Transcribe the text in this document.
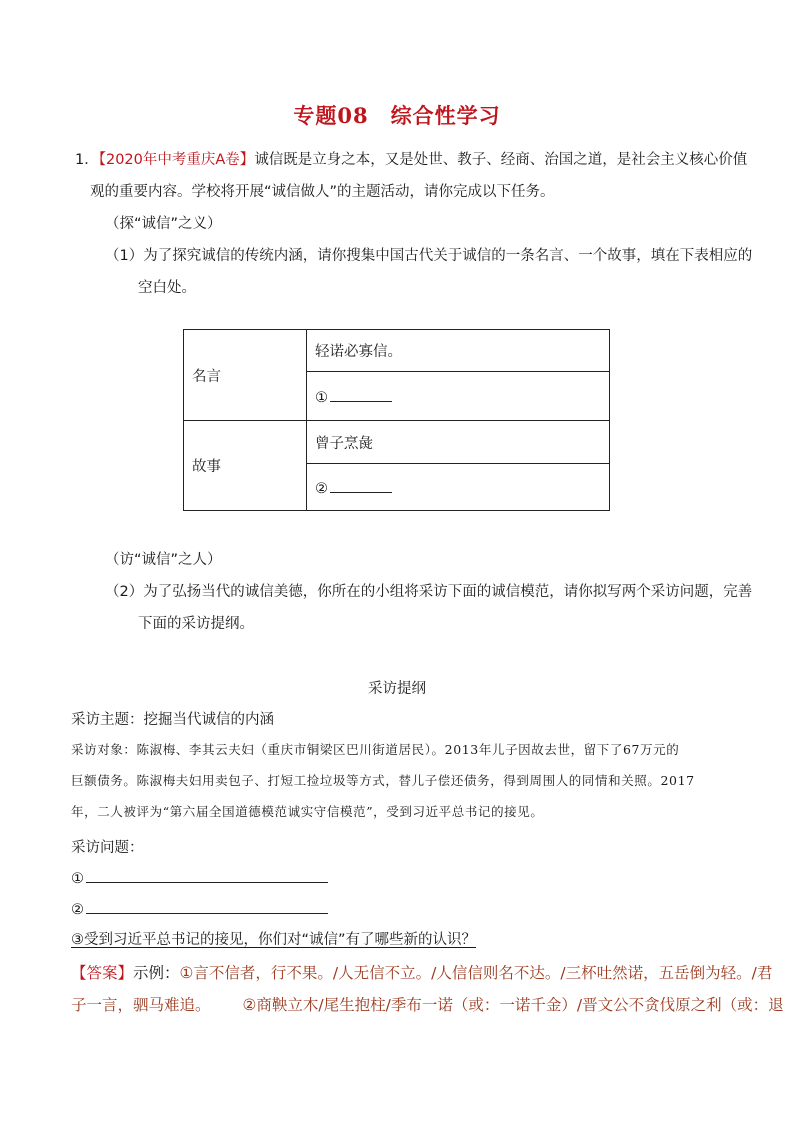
专题08 综合性学习
1．【2020年中考重庆A卷】诚信既是立身之本，又是处世、教子、经商、治国之道，是社会主义核心价值
观的重要内容。学校将开展“诚信做人”的主题活动，请你完成以下任务。
（探“诚信”之义）
（1）为了探究诚信的传统内涵，请你搜集中国古代关于诚信的一条名言、一个故事，填在下表相应的
空白处。
名言	轻诺必寡信。
	①
故事	曾子烹彘
	②
（访“诚信”之人）
（2）为了弘扬当代的诚信美德，你所在的小组将采访下面的诚信模范，请你拟写两个采访问题，完善
下面的采访提纲。
采访提纲
采访主题：挖掘当代诚信的内涵
采访对象：陈淑梅、李其云夫妇（重庆市铜梁区巴川街道居民）。2013年儿子因故去世，留下了67万元的
巨额债务。陈淑梅夫妇用卖包子、打短工捡垃圾等方式，替儿子偿还债务，得到周围人的同情和关照。2017
年，二人被评为“第六届全国道德模范诚实守信模范”，受到习近平总书记的接见。
采访问题：
①
②
③受到习近平总书记的接见，你们对“诚信”有了哪些新的认识？
【答案】示例：①言不信者，行不果。/人无信不立。/人信信则名不达。/三杯吐然诺，五岳倒为轻。/君
子一言，驷马难追。 ②商鞅立木/尾生抱柱/季布一诺（或：一诺千金）/晋文公不贪伐原之利（或：退
